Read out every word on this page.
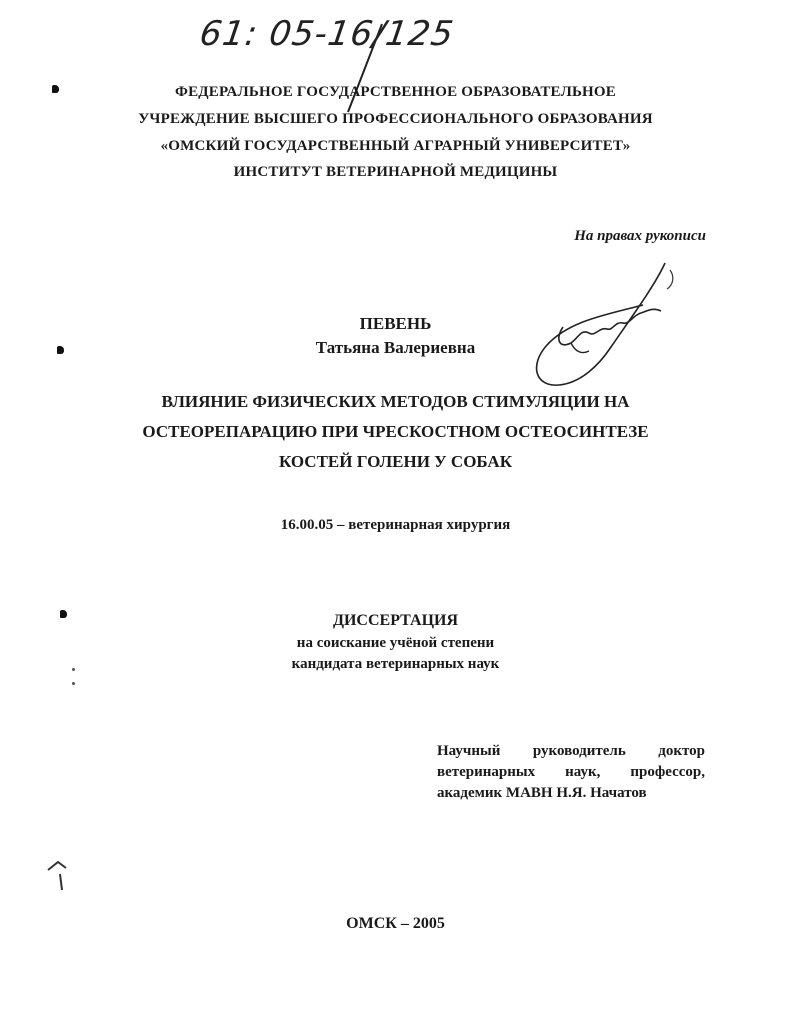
61: 05-16/125
ФЕДЕРАЛЬНОЕ ГОСУДАРСТВЕННОЕ ОБРАЗОВАТЕЛЬНОЕ
УЧРЕЖДЕНИЕ ВЫСШЕГО ПРОФЕССИОНАЛЬНОГО ОБРАЗОВАНИЯ
«ОМСКИЙ ГОСУДАРСТВЕННЫЙ АГРАРНЫЙ УНИВЕРСИТЕТ»
ИНСТИТУТ ВЕТЕРИНАРНОЙ МЕДИЦИНЫ
На правах рукописи
ПЕВЕНЬ
Татьяна Валериевна
ВЛИЯНИЕ ФИЗИЧЕСКИХ МЕТОДОВ СТИМУЛЯЦИИ НА
ОСТЕОРЕПАРАЦИЮ ПРИ ЧРЕСКОСТНОМ ОСТЕОСИНТЕЗЕ
КОСТЕЙ ГОЛЕНИ У СОБАК
16.00.05 – ветеринарная хирургия
ДИССЕРТАЦИЯ
на соискание учёной степени
кандидата ветеринарных наук
Научный руководитель доктор
ветеринарных наук, профессор,
академик МАВН Н.Я. Начатов
ОМСК – 2005
